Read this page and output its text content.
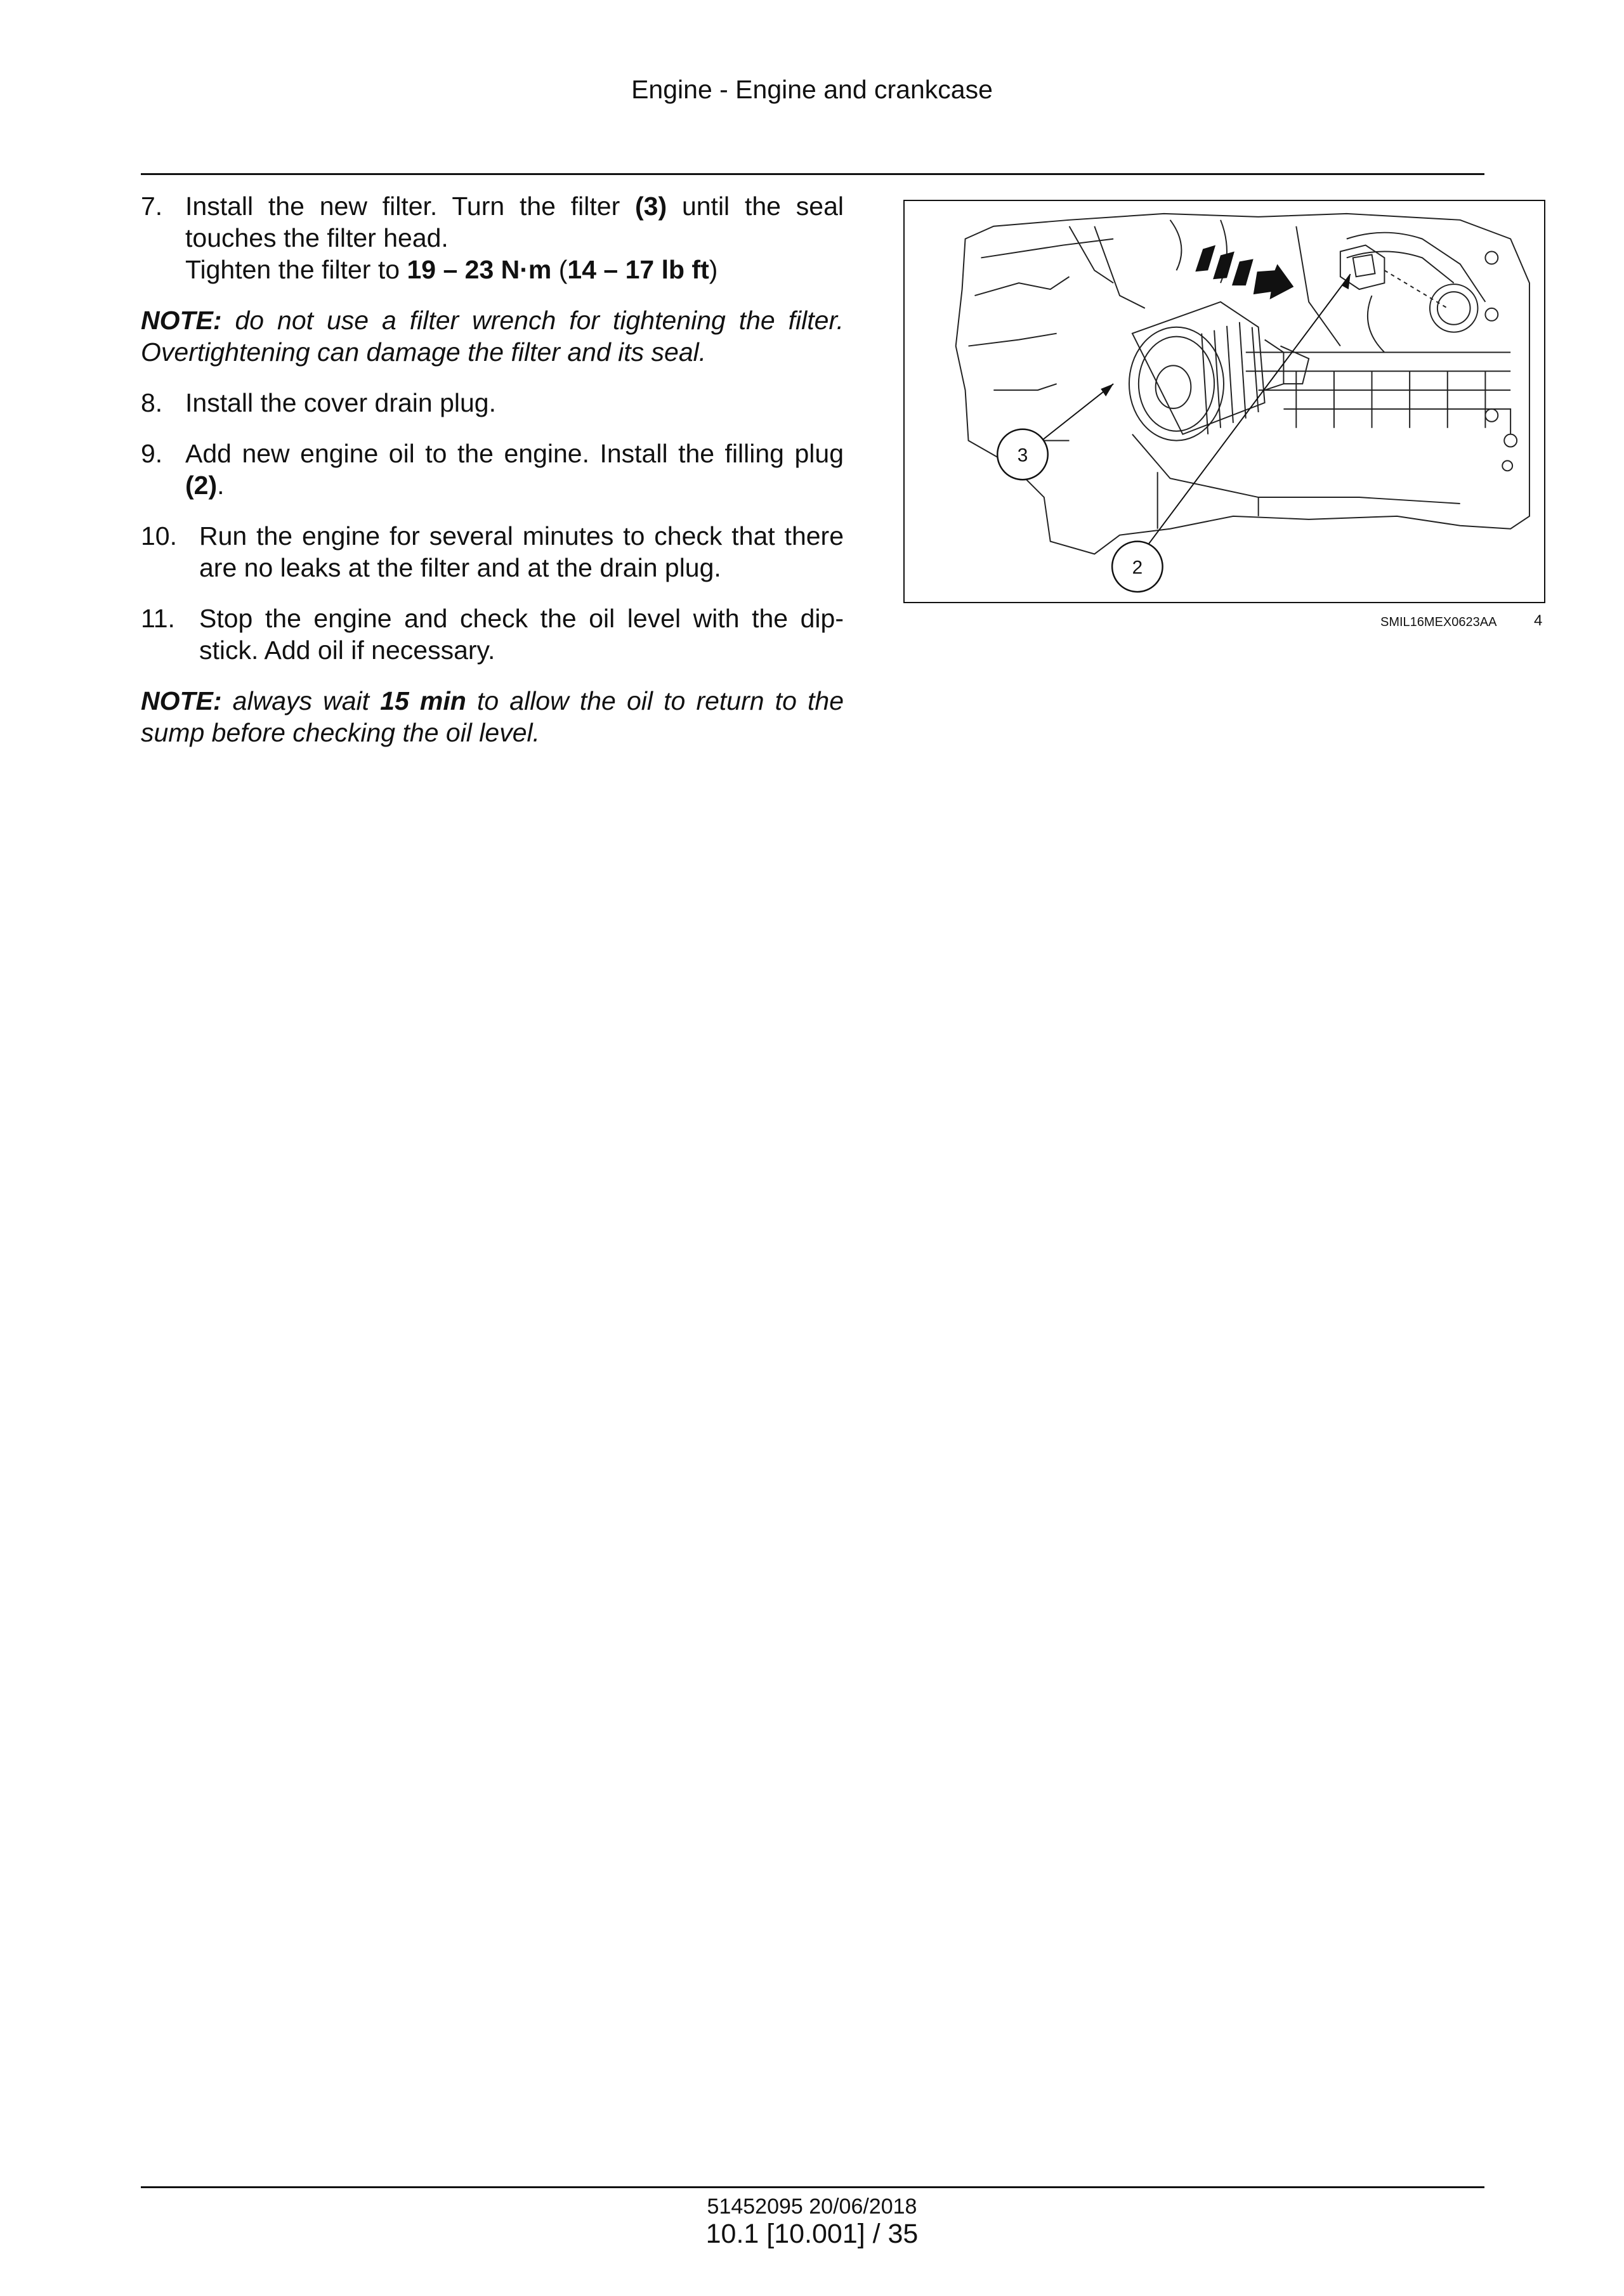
Engine - Engine and crankcase
7. Install the new filter. Turn the filter (3) until the seal touches the filter head.
Tighten the filter to 19 – 23 N·m (14 – 17 lb ft)
NOTE: do not use a filter wrench for tightening the filter. Overtightening can damage the filter and its seal.
8. Install the cover drain plug.
9. Add new engine oil to the engine. Install the filling plug (2).
10. Run the engine for several minutes to check that there are no leaks at the filter and at the drain plug.
11. Stop the engine and check the oil level with the dip-stick. Add oil if necessary.
NOTE: always wait 15 min to allow the oil to return to the sump before checking the oil level.
3
2
SMIL16MEX0623AA 4
51452095 20/06/2018
10.1 [10.001] / 35
